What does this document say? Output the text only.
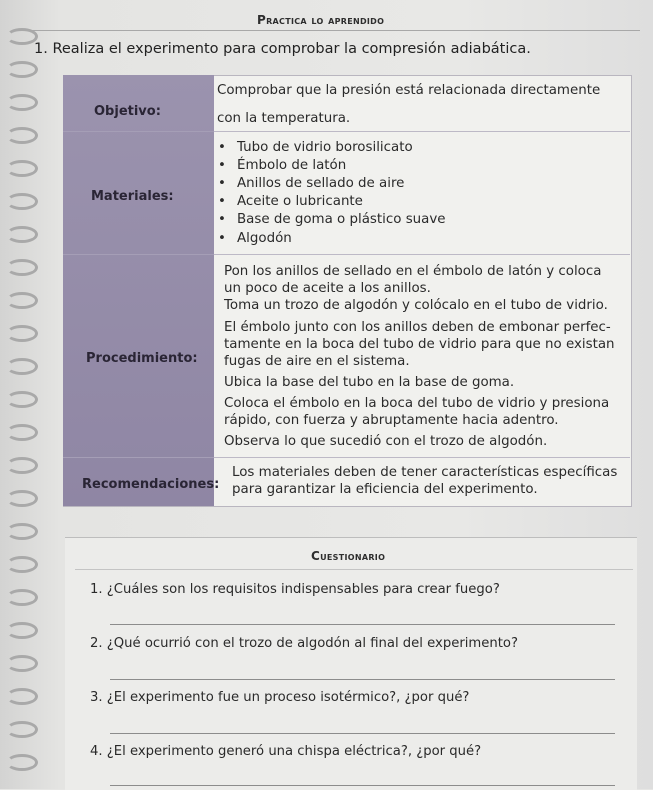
Practica lo aprendido
1. Realiza el experimento para comprobar la compresión adiabática.
Objetivo:
Comprobar que la presión está relacionada directamente
con la temperatura.
Materiales:
• Tubo de vidrio borosilicato
• Émbolo de latón
• Anillos de sellado de aire
• Aceite o lubricante
• Base de goma o plástico suave
• Algodón
Procedimiento:
Pon los anillos de sellado en el émbolo de latón y coloca
un poco de aceite a los anillos.
Toma un trozo de algodón y colócalo en el tubo de vidrio.
El émbolo junto con los anillos deben de embonar perfec-
tamente en la boca del tubo de vidrio para que no existan
fugas de aire en el sistema.
Ubica la base del tubo en la base de goma.
Coloca el émbolo en la boca del tubo de vidrio y presiona
rápido, con fuerza y abruptamente hacia adentro.
Observa lo que sucedió con el trozo de algodón.
Recomendaciones:
Los materiales deben de tener características específicas
para garantizar la eficiencia del experimento.
Cuestionario
1. ¿Cuáles son los requisitos indispensables para crear fuego?
2. ¿Qué ocurrió con el trozo de algodón al final del experimento?
3. ¿El experimento fue un proceso isotérmico?, ¿por qué?
4. ¿El experimento generó una chispa eléctrica?, ¿por qué?
